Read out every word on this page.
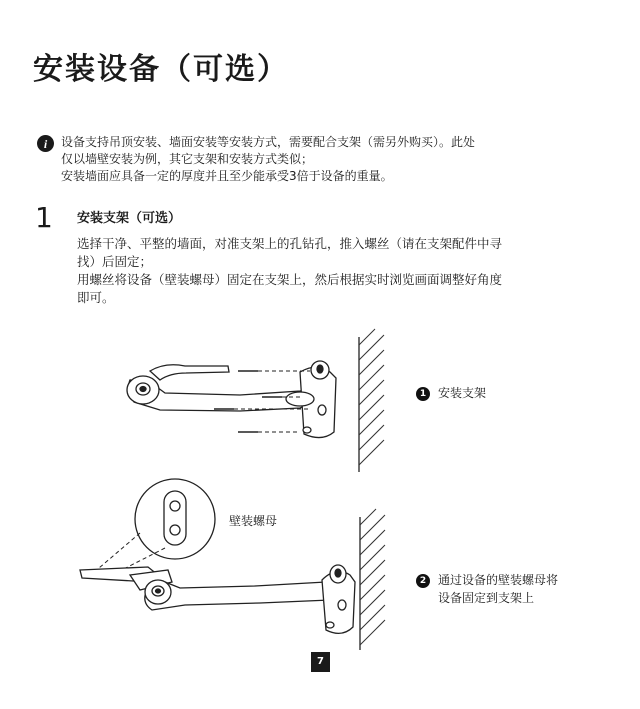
安装设备（可选）
i 设备支持吊顶安装、墙面安装等安装方式，需要配合支架（需另外购买）。此处
仅以墙壁安装为例，其它支架和安装方式类似；
安装墙面应具备一定的厚度并且至少能承受3倍于设备的重量。
1 安装支架（可选）
选择干净、平整的墙面，对准支架上的孔钻孔，推入螺丝（请在支架配件中寻
找）后固定；
用螺丝将设备（壁装螺母）固定在支架上，然后根据实时浏览画面调整好角度
即可。
1 安装支架
壁装螺母
2 通过设备的壁装螺母将
设备固定到支架上
7
